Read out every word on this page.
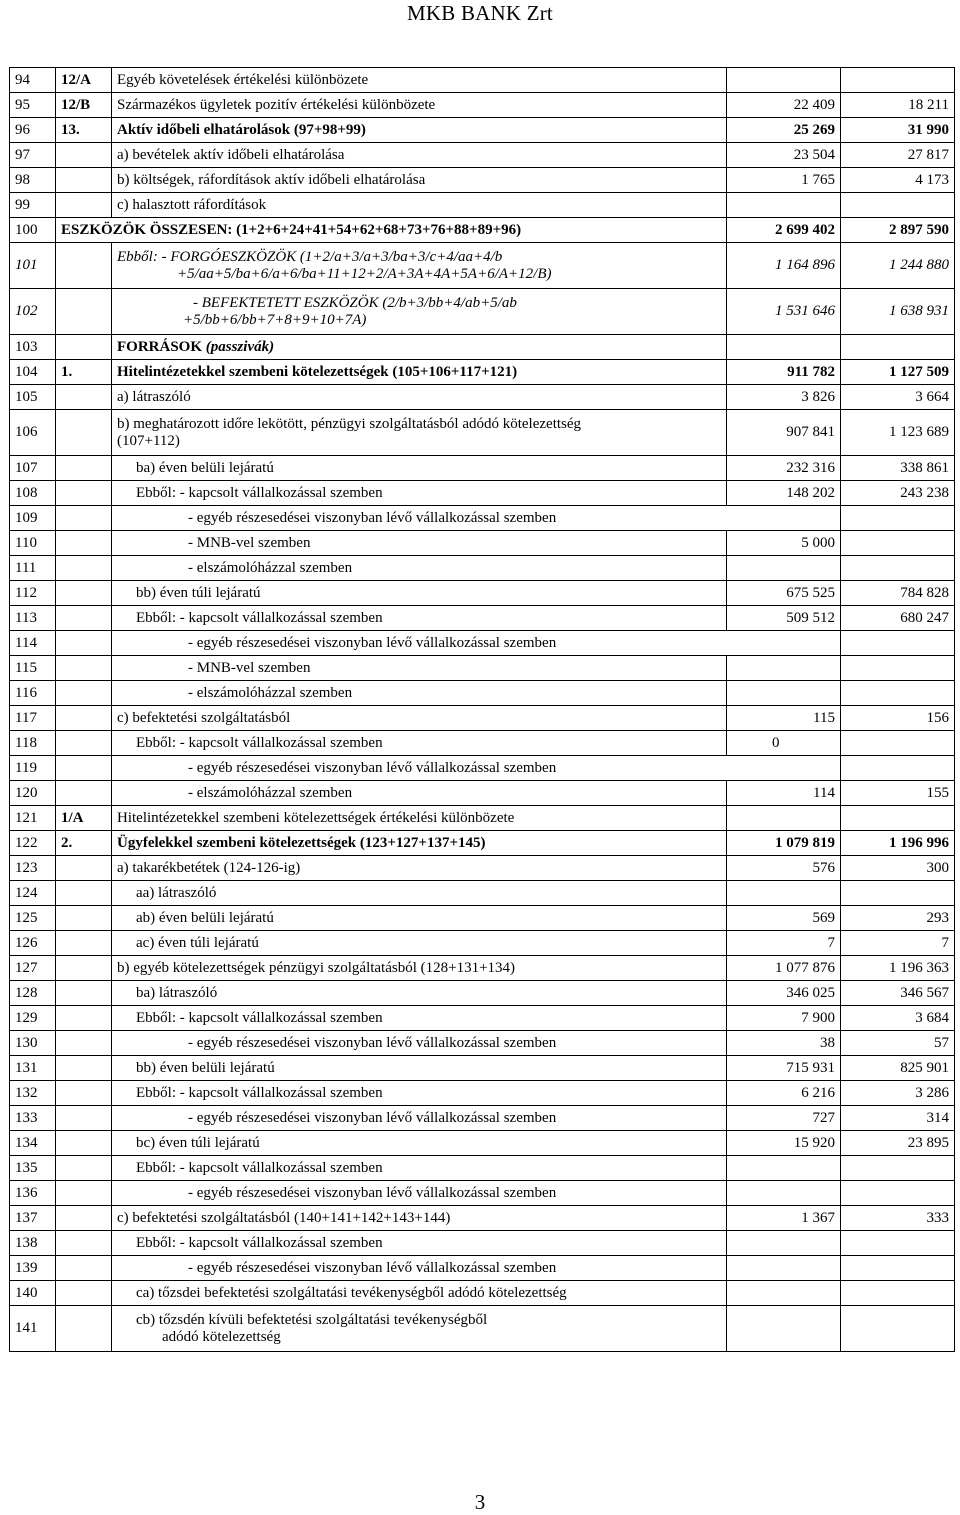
MKB BANK Zrt
94	12/A	Egyéb követelések értékelési különbözete		
95	12/B	Származékos ügyletek pozitív értékelési különbözete	22 409	18 211
96	13.	Aktív időbeli elhatárolások (97+98+99)	25 269	31 990
97		a) bevételek aktív időbeli elhatárolása	23 504	27 817
98		b) költségek, ráfordítások aktív időbeli elhatárolása	1 765	4 173
99		c) halasztott ráfordítások		
100	ESZKÖZÖK ÖSSZESEN: (1+2+6+24+41+54+62+68+73+76+88+89+96)		2 699 402	2 897 590
101		Ebből: - FORGÓESZKÖZÖK (1+2/a+3/a+3/ba+3/c+4/aa+4/b
+5/aa+5/ba+6/a+6/ba+11+12+2/A+3A+4A+5A+6/A+12/B)	1 164 896	1 244 880
102		- BEFEKTETETT ESZKÖZÖK (2/b+3/bb+4/ab+5/ab
+5/bb+6/bb+7+8+9+10+7A)	1 531 646	1 638 931
103		FORRÁSOK (passzivák)		
104	1.	Hitelintézetekkel szembeni kötelezettségek (105+106+117+121)	911 782	1 127 509
105		a) látraszóló	3 826	3 664
106		b) meghatározott időre lekötött, pénzügyi szolgáltatásból adódó kötelezettség
(107+112)	907 841	1 123 689
107		ba) éven belüli lejáratú	232 316	338 861
108		Ebből: - kapcsolt vállalkozással szemben	148 202	243 238
109		- egyéb részesedései viszonyban lévő vállalkozással szemben		
110		- MNB-vel szemben	5 000	
111		- elszámolóházzal szemben		
112		bb) éven túli lejáratú	675 525	784 828
113		Ebből: - kapcsolt vállalkozással szemben	509 512	680 247
114		- egyéb részesedései viszonyban lévő vállalkozással szemben		
115		- MNB-vel szemben		
116		- elszámolóházzal szemben		
117		c) befektetési szolgáltatásból	115	156
118		Ebből: - kapcsolt vállalkozással szemben	0	
119		- egyéb részesedései viszonyban lévő vállalkozással szemben		
120		- elszámolóházzal szemben	114	155
121	1/A	Hitelintézetekkel szembeni kötelezettségek értékelési különbözete		
122	2.	Ügyfelekkel szembeni kötelezettségek (123+127+137+145)	1 079 819	1 196 996
123		a) takarékbetétek (124-126-ig)	576	300
124		aa) látraszóló		
125		ab) éven belüli lejáratú	569	293
126		ac) éven túli lejáratú	7	7
127		b) egyéb kötelezettségek pénzügyi szolgáltatásból (128+131+134)	1 077 876	1 196 363
128		ba) látraszóló	346 025	346 567
129		Ebből: - kapcsolt vállalkozással szemben	7 900	3 684
130		- egyéb részesedései viszonyban lévő vállalkozással szemben	38	57
131		bb) éven belüli lejáratú	715 931	825 901
132		Ebből: - kapcsolt vállalkozással szemben	6 216	3 286
133		- egyéb részesedései viszonyban lévő vállalkozással szemben	727	314
134		bc) éven túli lejáratú	15 920	23 895
135		Ebből: - kapcsolt vállalkozással szemben		
136		- egyéb részesedései viszonyban lévő vállalkozással szemben		
137		c) befektetési szolgáltatásból (140+141+142+143+144)	1 367	333
138		Ebből: - kapcsolt vállalkozással szemben		
139		- egyéb részesedései viszonyban lévő vállalkozással szemben		
140		ca) tőzsdei befektetési szolgáltatási tevékenységből adódó kötelezettség		
141		cb) tőzsdén kívüli befektetési szolgáltatási tevékenységből
adódó kötelezettség		

3
